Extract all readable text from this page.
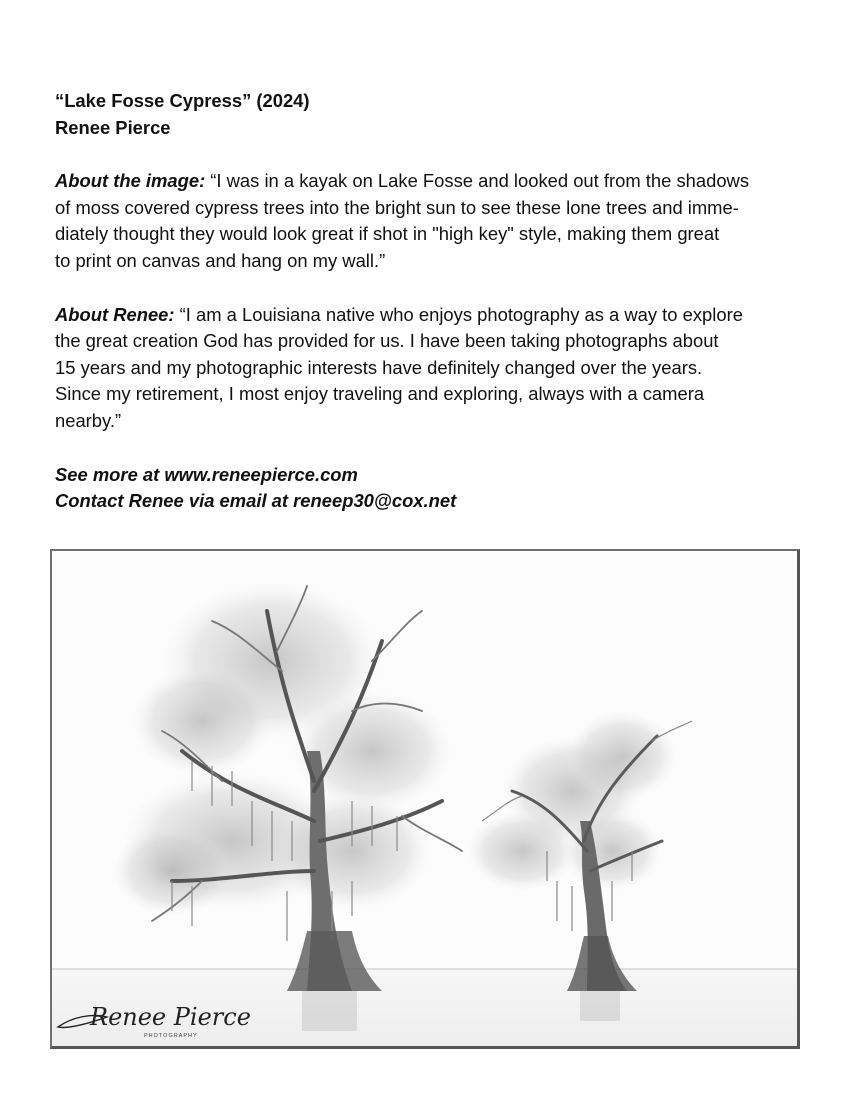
“Lake Fosse Cypress” (2024)
Renee Pierce
About the image: “I was in a kayak on Lake Fosse and looked out from the shadows
of moss covered cypress trees into the bright sun to see these lone trees and imme-
diately thought they would look great if shot in "high key" style, making them great
to print on canvas and hang on my wall.”
About Renee: “I am a Louisiana native who enjoys photography as a way to explore
the great creation God has provided for us. I have been taking photographs about
15 years and my photographic interests have definitely changed over the years.
Since my retirement, I most enjoy traveling and exploring, always with a camera
nearby.”
See more at www.reneepierce.com
Contact Renee via email at reneep30@cox.net
Renee Pierce
PHOTOGRAPHY
